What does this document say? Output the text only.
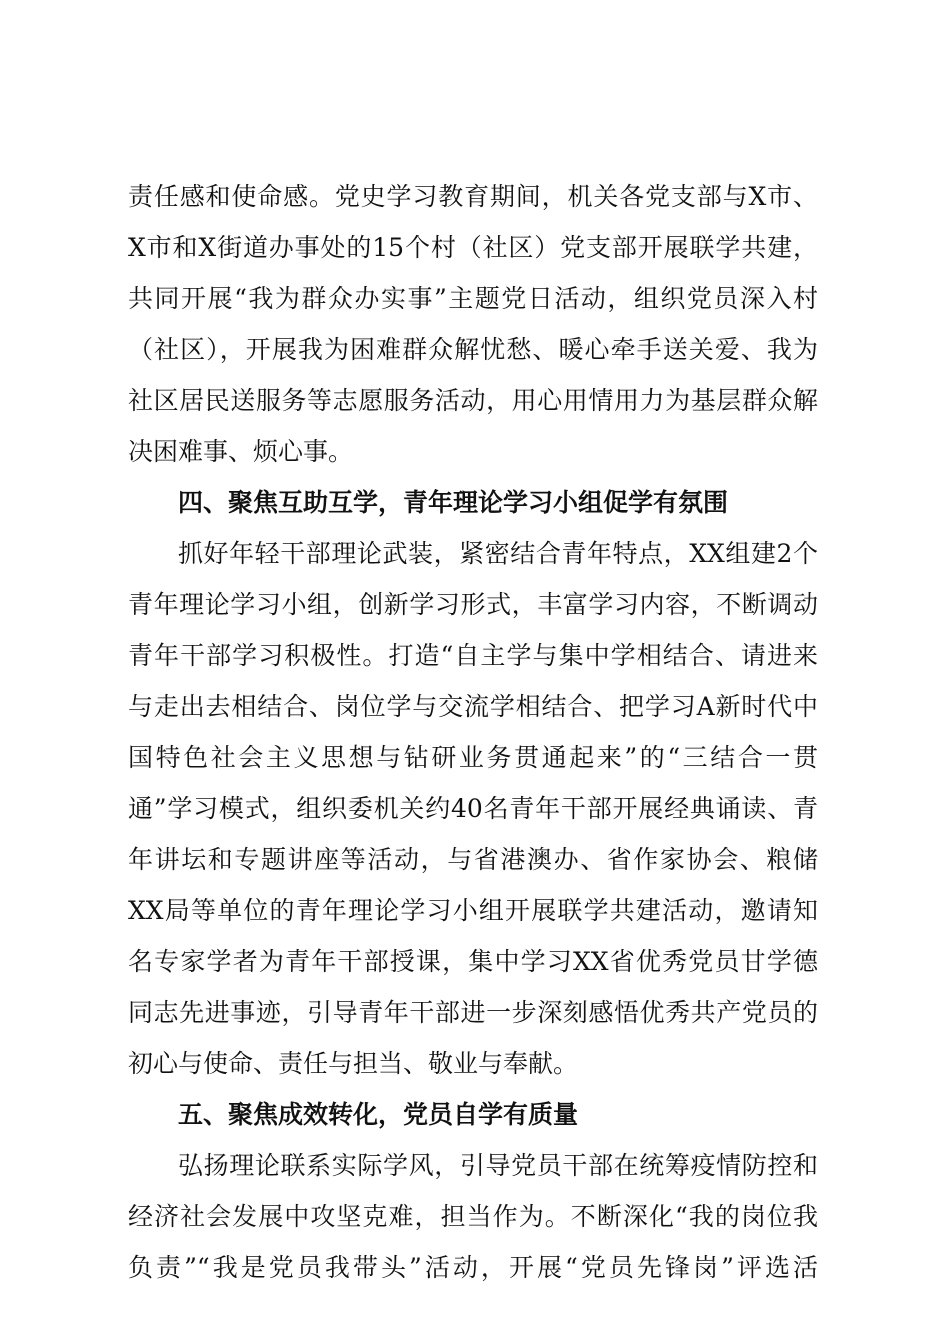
责任感和使命感。党史学习教育期间，机关各党支部与X市、
X市和X街道办事处的15个村（社区）党支部开展联学共建，
共同开展“我为群众办实事”主题党日活动，组织党员深入村
（社区），开展我为困难群众解忧愁、暖心牵手送关爱、我为
社区居民送服务等志愿服务活动，用心用情用力为基层群众解
决困难事、烦心事。
四、聚焦互助互学，青年理论学习小组促学有氛围
抓好年轻干部理论武装，紧密结合青年特点，XX组建2个
青年理论学习小组，创新学习形式，丰富学习内容，不断调动
青年干部学习积极性。打造“自主学与集中学相结合、请进来
与走出去相结合、岗位学与交流学相结合、把学习A新时代中
国特色社会主义思想与钻研业务贯通起来”的“三结合一贯
通”学习模式，组织委机关约40名青年干部开展经典诵读、青
年讲坛和专题讲座等活动，与省港澳办、省作家协会、粮储
XX局等单位的青年理论学习小组开展联学共建活动，邀请知
名专家学者为青年干部授课，集中学习XX省优秀党员甘学德
同志先进事迹，引导青年干部进一步深刻感悟优秀共产党员的
初心与使命、责任与担当、敬业与奉献。
五、聚焦成效转化，党员自学有质量
弘扬理论联系实际学风，引导党员干部在统筹疫情防控和
经济社会发展中攻坚克难，担当作为。不断深化“我的岗位我
负责”“我是党员我带头”活动，开展“党员先锋岗”评选活
